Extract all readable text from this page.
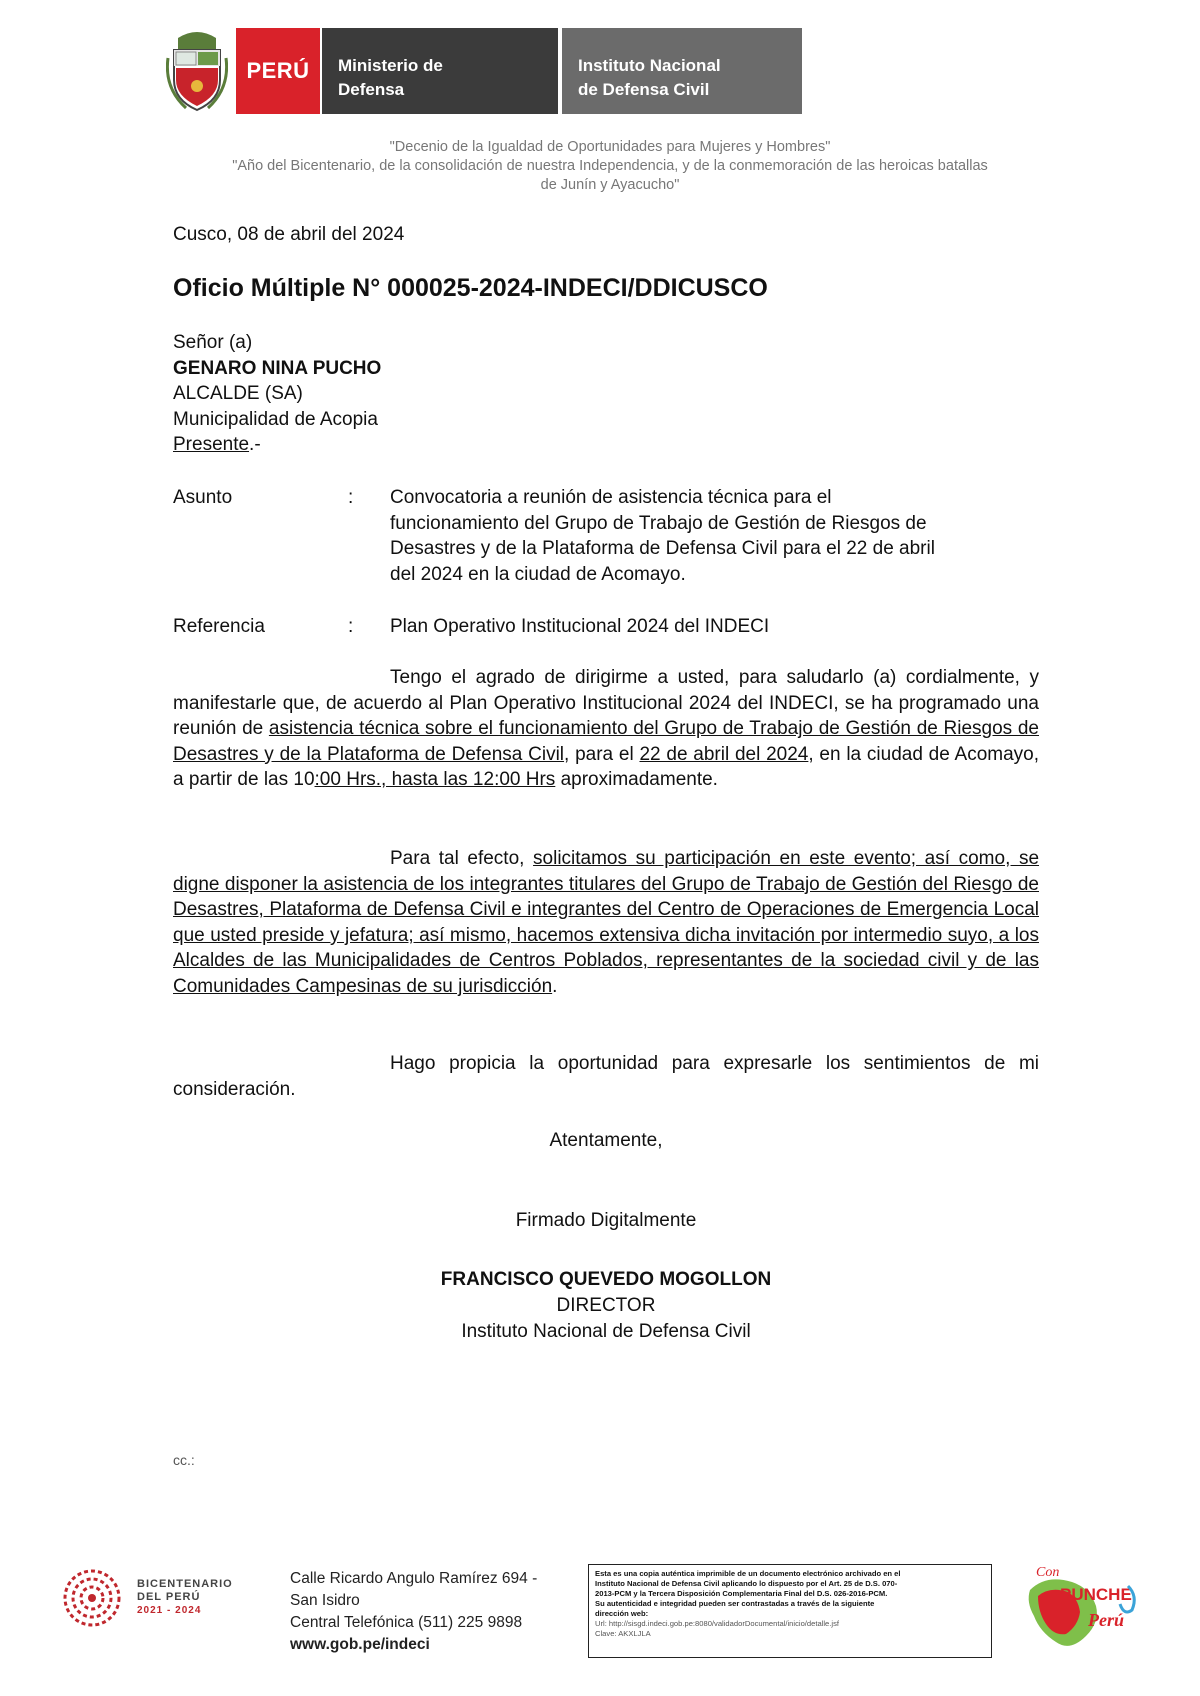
PERÚ Ministerio de
Defensa
Instituto Nacional
de Defensa Civil
"Decenio de la Igualdad de Oportunidades para Mujeres y Hombres"
"Año del Bicentenario, de la consolidación de nuestra Independencia, y de la conmemoración de las heroicas batallas
de Junín y Ayacucho"
Cusco, 08 de abril del 2024
Oficio Múltiple N° 000025-2024-INDECI/DDICUSCO
Señor (a)
GENARO NINA PUCHO
ALCALDE (SA)
Municipalidad de Acopia
Presente.-
Asunto	: Convocatoria a reunión de asistencia técnica para el
funcionamiento del Grupo de Trabajo de Gestión de Riesgos de
Desastres y de la Plataforma de Defensa Civil para el 22 de abril
del 2024 en la ciudad de Acomayo.
Referencia	: Plan Operativo Institucional 2024 del INDECI

Tengo el agrado de dirigirme a usted, para saludarlo (a) cordialmente, y manifestarle que, de acuerdo al Plan Operativo Institucional 2024 del INDECI, se ha programado una reunión de asistencia técnica sobre el funcionamiento del Grupo de Trabajo de Gestión de Riesgos de Desastres y de la Plataforma de Defensa Civil, para el 22 de abril del 2024, en la ciudad de Acomayo, a partir de las 10:00 Hrs., hasta las 12:00 Hrs aproximadamente.

Para tal efecto, solicitamos su participación en este evento; así como, se digne disponer la asistencia de los integrantes titulares del Grupo de Trabajo de Gestión del Riesgo de Desastres, Plataforma de Defensa Civil e integrantes del Centro de Operaciones de Emergencia Local que usted preside y jefatura; así mismo, hacemos extensiva dicha invitación por intermedio suyo, a los Alcaldes de las Municipalidades de Centros Poblados, representantes de la sociedad civil y de las Comunidades Campesinas de su jurisdicción.

Hago propicia la oportunidad para expresarle los sentimientos de mi consideración.

Atentamente,
Firmado Digitalmente
FRANCISCO QUEVEDO MOGOLLON
DIRECTOR
Instituto Nacional de Defensa Civil
cc.:
BICENTENARIO
DEL PERÚ
2021 - 2024
Calle Ricardo Angulo Ramírez 694 -
San Isidro
Central Telefónica (511) 225 9898
www.gob.pe/indeci
Esta es una copia auténtica imprimible de un documento electrónico archivado en el
Instituto Nacional de Defensa Civil aplicando lo dispuesto por el Art. 25 de D.S. 070-
2013-PCM y la Tercera Disposición Complementaria Final del D.S. 026-2016-PCM.
Su autenticidad e integridad pueden ser contrastadas a través de la siguiente
dirección web:
Url: http://sisgd.indeci.gob.pe:8080/validadorDocumental/inicio/detalle.jsf
Clave: AKXLJLA
Con
PUNCHE
Perú
